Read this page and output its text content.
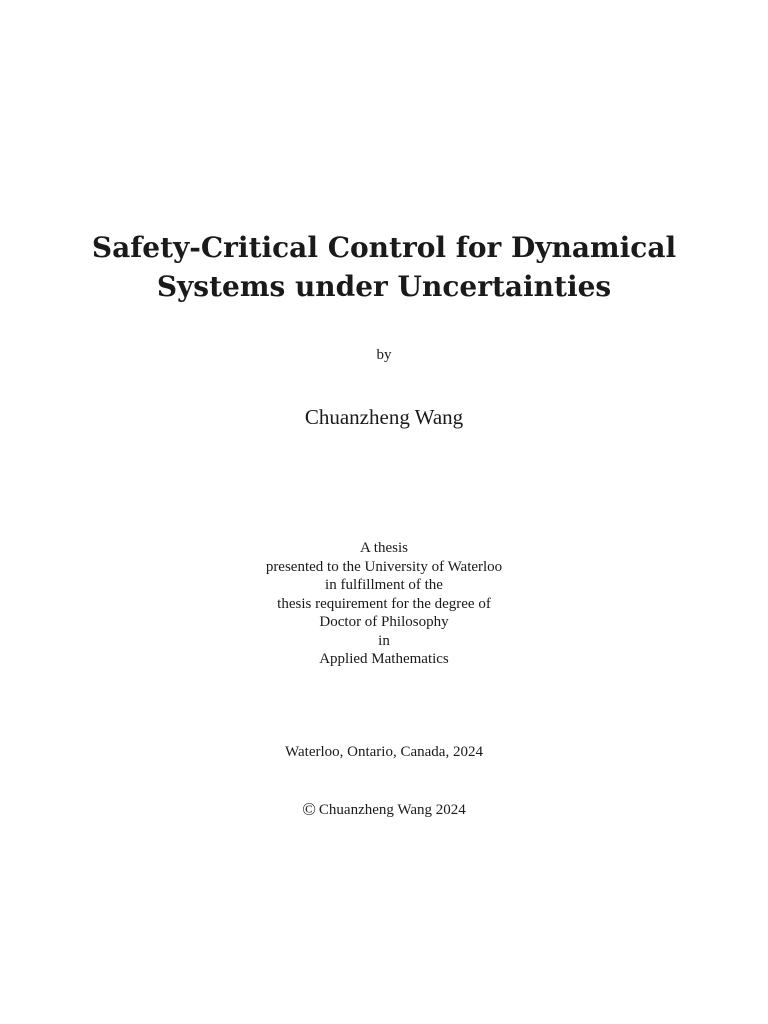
Safety-Critical Control for Dynamical
Systems under Uncertainties
by
Chuanzheng Wang
A thesis
presented to the University of Waterloo
in fulfillment of the
thesis requirement for the degree of
Doctor of Philosophy
in
Applied Mathematics
Waterloo, Ontario, Canada, 2024
© Chuanzheng Wang 2024
